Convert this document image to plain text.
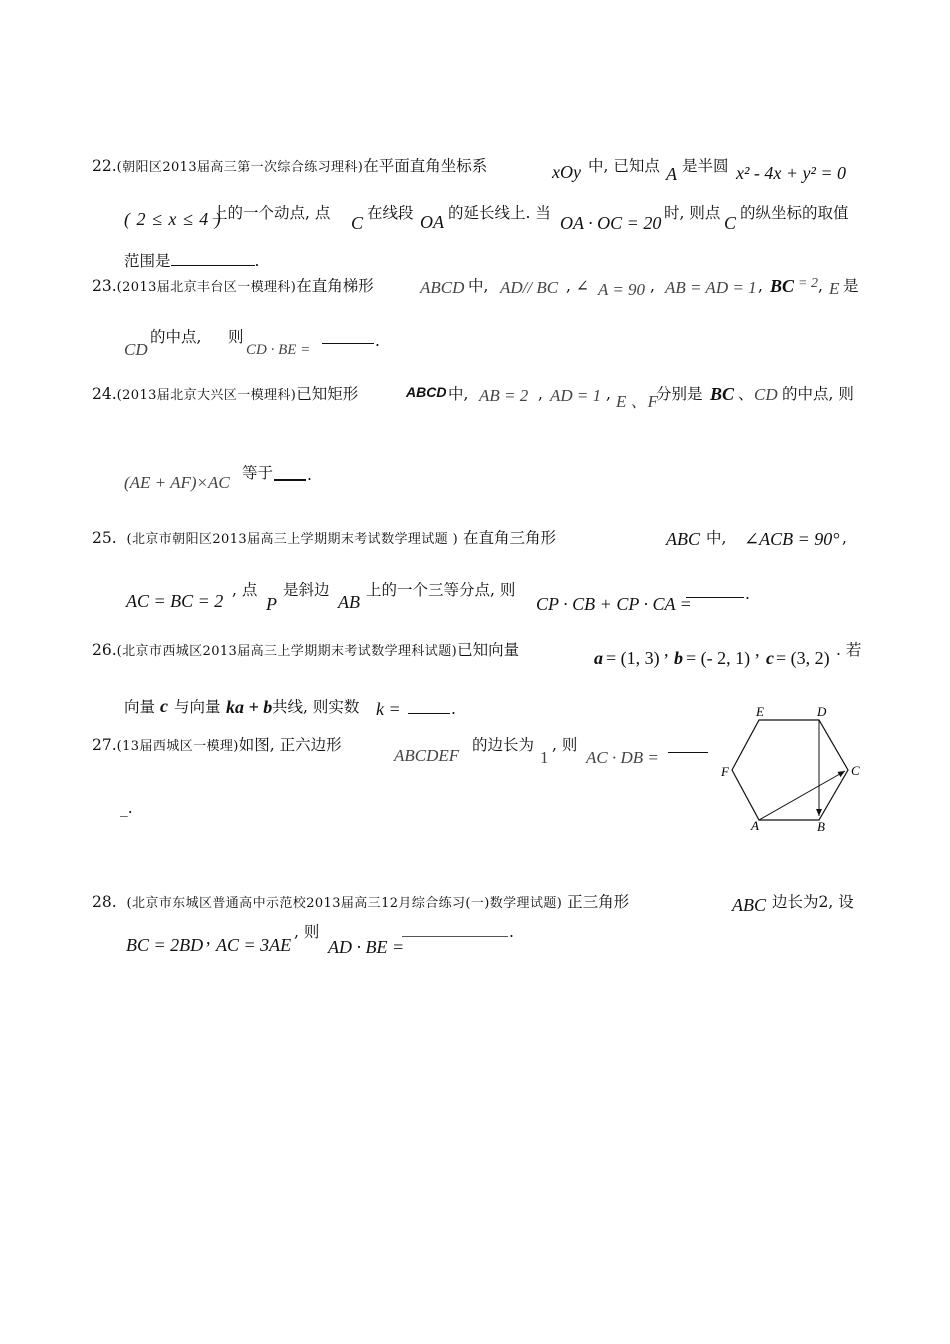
22.(朝阳区2013届高三第一次综合练习理科)在平面直角坐标系	xOy 中, 已知点 A 是半圆 x² - 4x + y² = 0
( 2 ≤ x ≤ 4 )
上的一个动点, 点 C 在线段 OA 的延长线上. 当 OA · OC = 20 时, 则点 C 的纵坐标的取值
范围是	.
23.(2013届北京丰台区一模理科)在直角梯形	ABCD 中, AD// BC , ∠ A = 90 , AB = AD = 1 , BC = 2 , E 是
的中点, 则
CD	CD · BE =	.
24.(2013届北京大兴区一模理科)已知矩形	ABCD 中, AB = 2 , AD = 1 , E 、F
分别是 BC 、 CD 的中点, 则
(AE + AF)×AC 等于 .
25. (北京市朝阳区2013届高三上学期期末考试数学理试题 ) 在直角三角形	ABC 中, ∠ACB = 90° ,
AC = BC = 2
, 点
P
是斜边
AB
上的一个三等分点, 则
CP · CB + CP · CA =	.
26.(北京市西城区2013届高三上学期期末考试数学理科试题)已知向量	a = (1, 3) , b = (- 2, 1) , c = (3, 2) . 若
向量 c 与向量 ka + b 共线, 则实数 k =	.
27.(13届西城区一模理)如图, 正六边形
ABCDEF
的边长为
1
, 则
AC · DB =
_.
E	D
F	C
A	B
28. (北京市东城区普通高中示范校2013届高三12月综合练习(一)数学理试题) 正三角形	ABC 边长为2, 设
BC = 2BD , AC = 3AE
, 则
AD · BE =
.
